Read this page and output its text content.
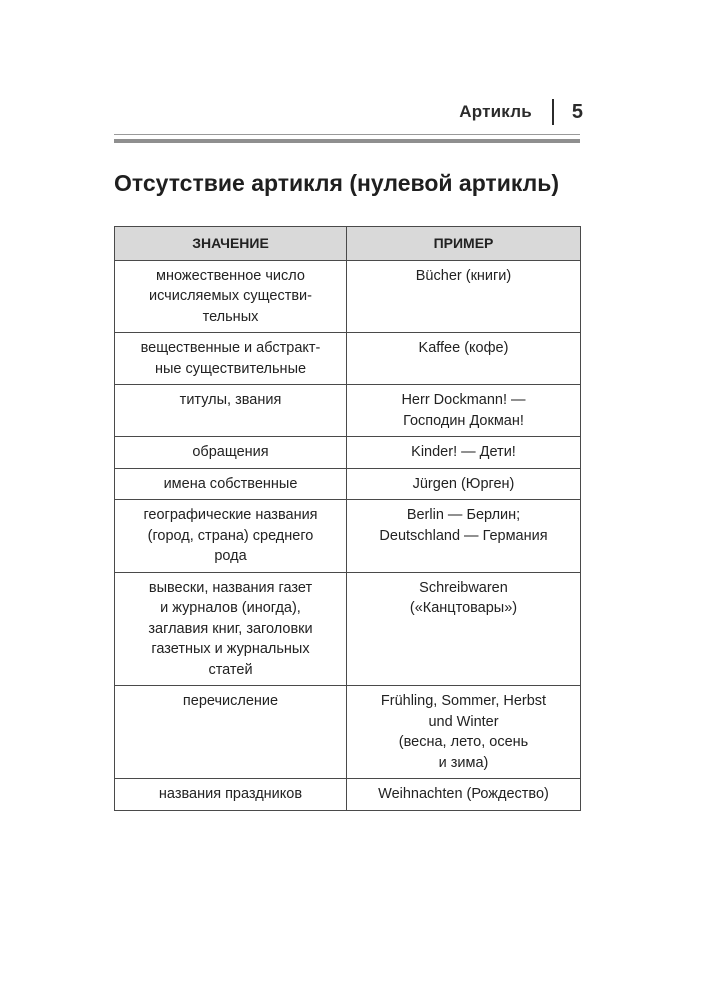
Артикль 5
Отсутствие артикля (нулевой артикль)
ЗНАЧЕНИЕ	ПРИМЕР

множественное число
исчисляемых существи-
тельных	Bücher (книги)

вещественные и абстракт-
ные существительные	Kaffee (кофе)

титулы, звания	Herr Dockmann! —
Господин Докман!

обращения	Kinder! — Дети!

имена собственные	Jürgen (Юрген)

географические названия
(город, страна) среднего
рода	Berlin — Берлин;
Deutschland — Германия

вывески, названия газет
и журналов (иногда),
заглавия книг, заголовки
газетных и журнальных
статей	Schreibwaren
(«Канцтовары»)

перечисление	Frühling, Sommer, Herbst
und Winter
(весна, лето, осень
и зима)

названия праздников	Weihnachten (Рождество)
